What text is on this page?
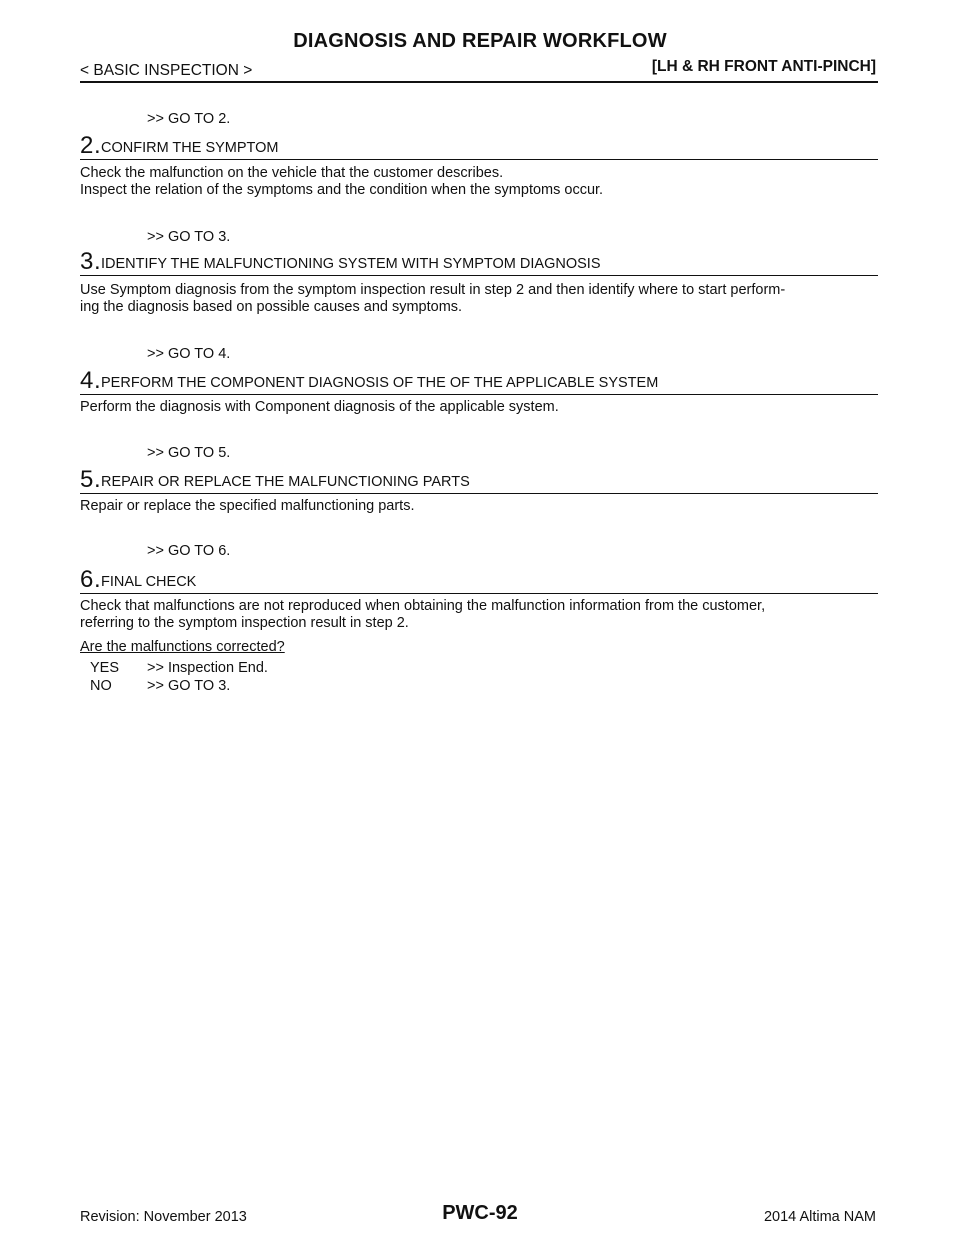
DIAGNOSIS AND REPAIR WORKFLOW
< BASIC INSPECTION >	[LH & RH FRONT ANTI-PINCH]
>> GO TO 2.
2 . CONFIRM THE SYMPTOM
Check the malfunction on the vehicle that the customer describes.
Inspect the relation of the symptoms and the condition when the symptoms occur.
>> GO TO 3.
3 . IDENTIFY THE MALFUNCTIONING SYSTEM WITH SYMPTOM DIAGNOSIS
Use Symptom diagnosis from the symptom inspection result in step 2 and then identify where to start perform-
ing the diagnosis based on possible causes and symptoms.
>> GO TO 4.
4 . PERFORM THE COMPONENT DIAGNOSIS OF THE OF THE APPLICABLE SYSTEM
Perform the diagnosis with Component diagnosis of the applicable system.
>> GO TO 5.
5 . REPAIR OR REPLACE THE MALFUNCTIONING PARTS
Repair or replace the specified malfunctioning parts.
>> GO TO 6.
6 . FINAL CHECK
Check that malfunctions are not reproduced when obtaining the malfunction information from the customer,
referring to the symptom inspection result in step 2.
Are the malfunctions corrected?
YES >> Inspection End.
NO >> GO TO 3.
Revision: November 2013	PWC-92	2014 Altima NAM
